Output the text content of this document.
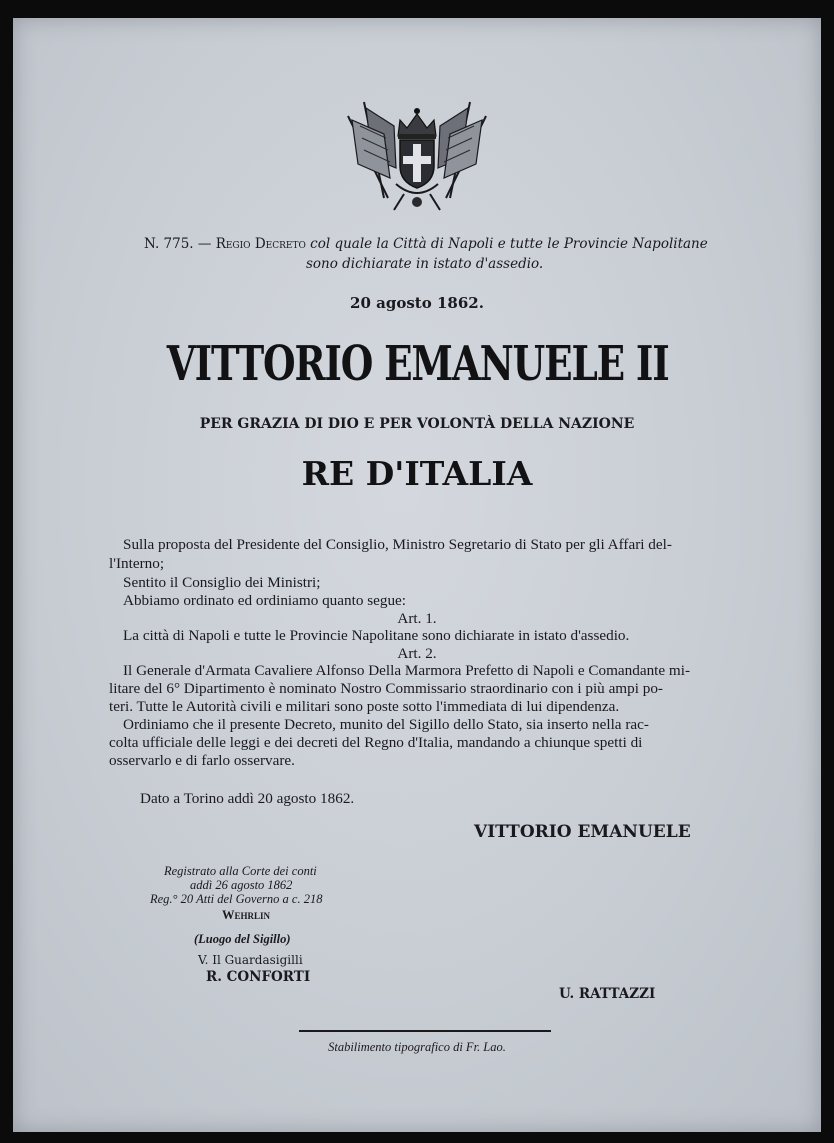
N. 775. — Regio Decreto col quale la Città di Napoli e tutte le Provincie Napolitane
sono dichiarate in istato d'assedio.
20 agosto 1862.
VITTORIO EMANUELE II
PER GRAZIA DI DIO E PER VOLONTÀ DELLA NAZIONE
RE D'ITALIA
Sulla proposta del Presidente del Consiglio, Ministro Segretario di Stato per gli Affari del-
l'Interno;
Sentito il Consiglio dei Ministri;
Abbiamo ordinato ed ordiniamo quanto segue:
Art. 1.
La città di Napoli e tutte le Provincie Napolitane sono dichiarate in istato d'assedio.
Art. 2.
Il Generale d'Armata Cavaliere Alfonso Della Marmora Prefetto di Napoli e Comandante mi-
litare del 6° Dipartimento è nominato Nostro Commissario straordinario con i più ampi po-
teri. Tutte le Autorità civili e militari sono poste sotto l'immediata di lui dipendenza.
Ordiniamo che il presente Decreto, munito del Sigillo dello Stato, sia inserto nella rac-
colta ufficiale delle leggi e dei decreti del Regno d'Italia, mandando a chiunque spetti di
osservarlo e di farlo osservare.
Dato a Torino addì 20 agosto 1862.
VITTORIO EMANUELE
Registrato alla Corte dei conti
addì 26 agosto 1862
Reg.° 20 Atti del Governo a c. 218
Wehrlin
(Luogo del Sigillo)
V. Il Guardasigilli
R. CONFORTI
U. RATTAZZI
Stabilimento tipografico di Fr. Lao.
